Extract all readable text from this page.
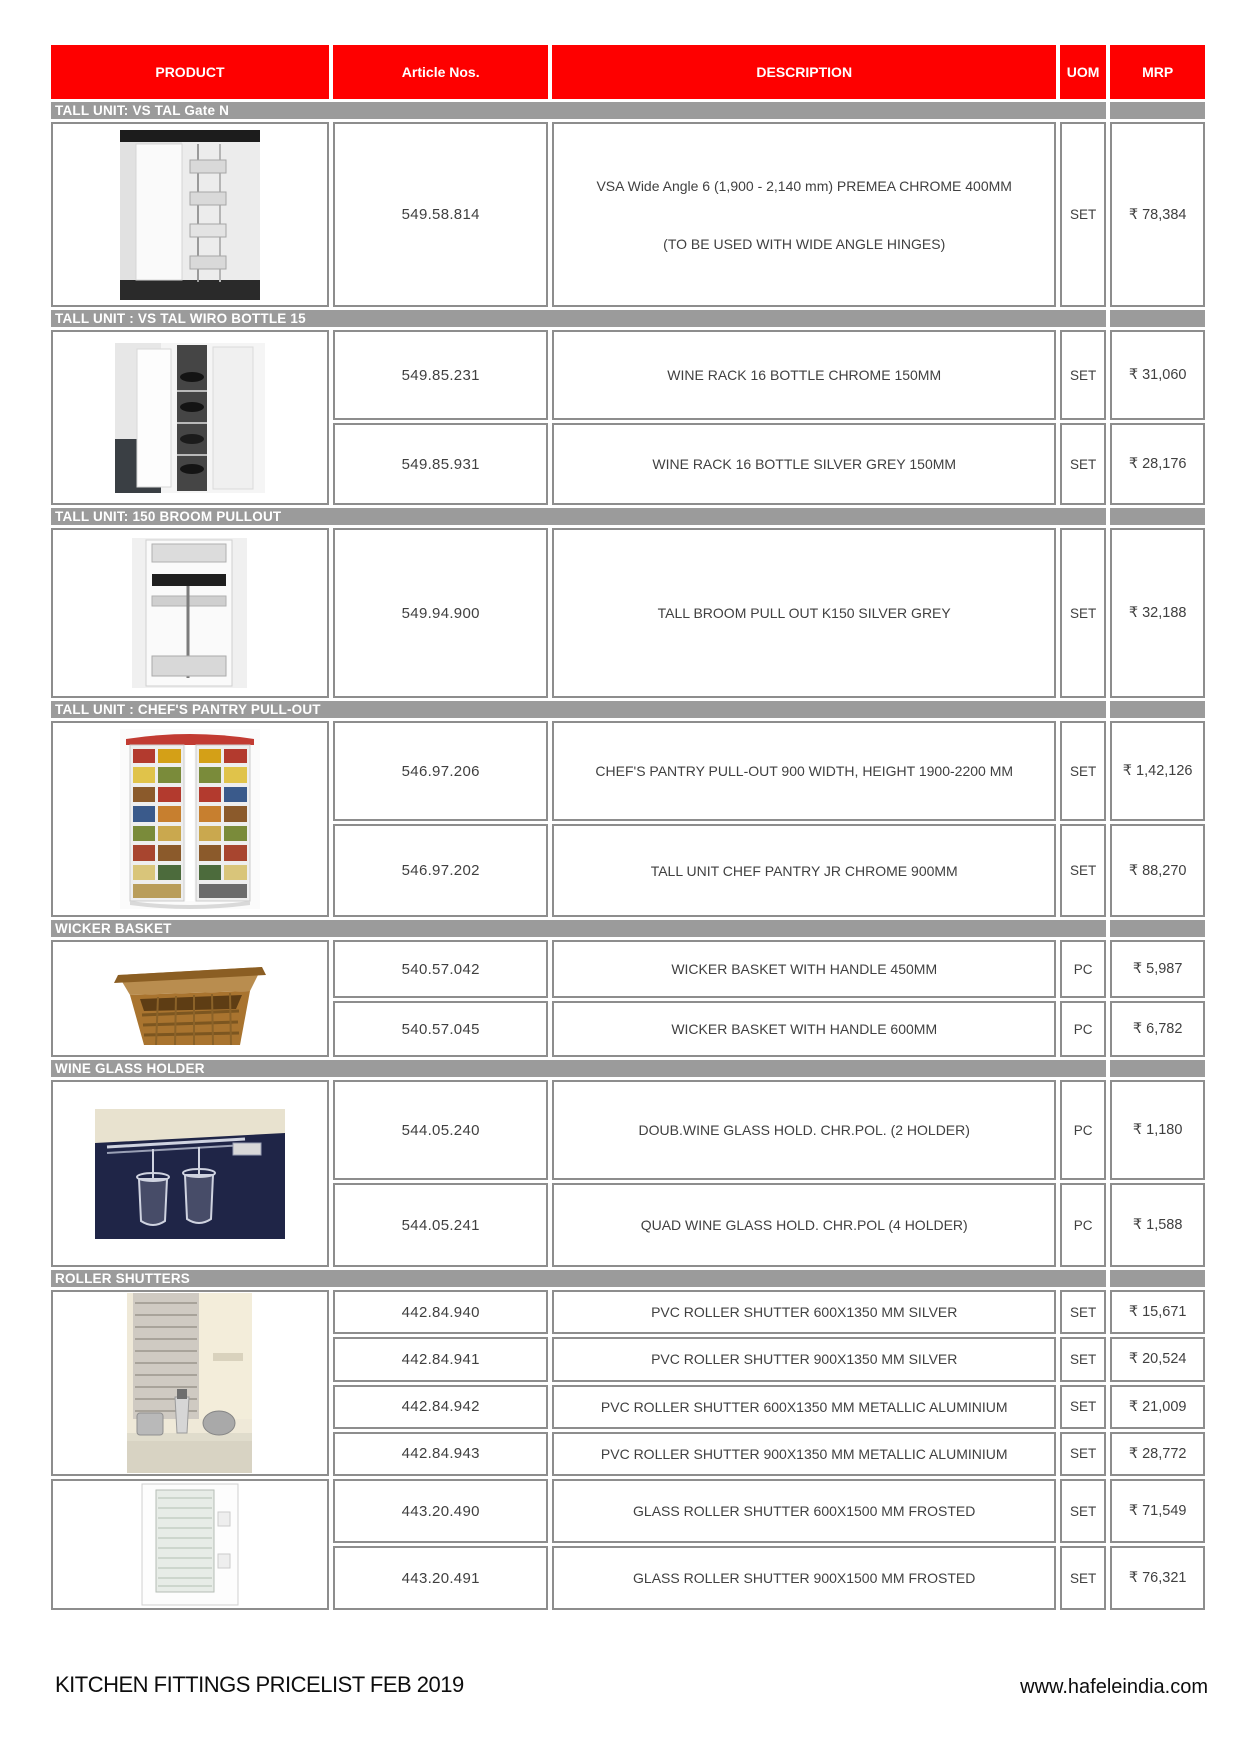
PRODUCT	Article Nos.	DESCRIPTION	UOM	MRP
TALL UNIT: VS TAL Gate N				

	549.58.814	VSA Wide Angle 6 (1,900 - 2,140 mm) PREMEA CHROME 400MM
(TO BE USED WITH WIDE ANGLE HINGES)	SET	₹ 78,384
TALL UNIT : VS TAL WIRO BOTTLE 15				

	549.85.231	WINE RACK 16 BOTTLE CHROME 150MM	SET	₹ 31,060
	549.85.931	WINE RACK 16 BOTTLE SILVER GREY 150MM	SET	₹ 28,176
TALL UNIT: 150 BROOM PULLOUT				

	549.94.900	TALL BROOM PULL OUT K150 SILVER GREY	SET	₹ 32,188
TALL UNIT : CHEF'S PANTRY PULL-OUT				

	546.97.206	CHEF'S PANTRY PULL-OUT 900 WIDTH, HEIGHT 1900-2200 MM	SET	₹ 1,42,126
	546.97.202	TALL UNIT CHEF PANTRY JR CHROME 900MM	SET	₹ 88,270
WICKER BASKET				

	540.57.042	WICKER BASKET WITH HANDLE 450MM	PC	₹ 5,987
	540.57.045	WICKER BASKET WITH HANDLE 600MM	PC	₹ 6,782
WINE GLASS HOLDER				

	544.05.240	DOUB.WINE GLASS HOLD. CHR.POL. (2 HOLDER)	PC	₹ 1,180
	544.05.241	QUAD WINE GLASS HOLD. CHR.POL (4 HOLDER)	PC	₹ 1,588
ROLLER SHUTTERS				

	442.84.940	PVC ROLLER SHUTTER 600X1350 MM SILVER	SET	₹ 15,671
	442.84.941	PVC ROLLER SHUTTER 900X1350 MM SILVER	SET	₹ 20,524
	442.84.942	PVC ROLLER SHUTTER 600X1350 MM METALLIC ALUMINIUM	SET	₹ 21,009
	442.84.943	PVC ROLLER SHUTTER 900X1350 MM METALLIC ALUMINIUM	SET	₹ 28,772

	443.20.490	GLASS ROLLER SHUTTER 600X1500 MM FROSTED	SET	₹ 71,549
	443.20.491	GLASS ROLLER SHUTTER 900X1500 MM FROSTED	SET	₹ 76,321
KITCHEN FITTINGS PRICELIST FEB 2019	www.hafeleindia.com
